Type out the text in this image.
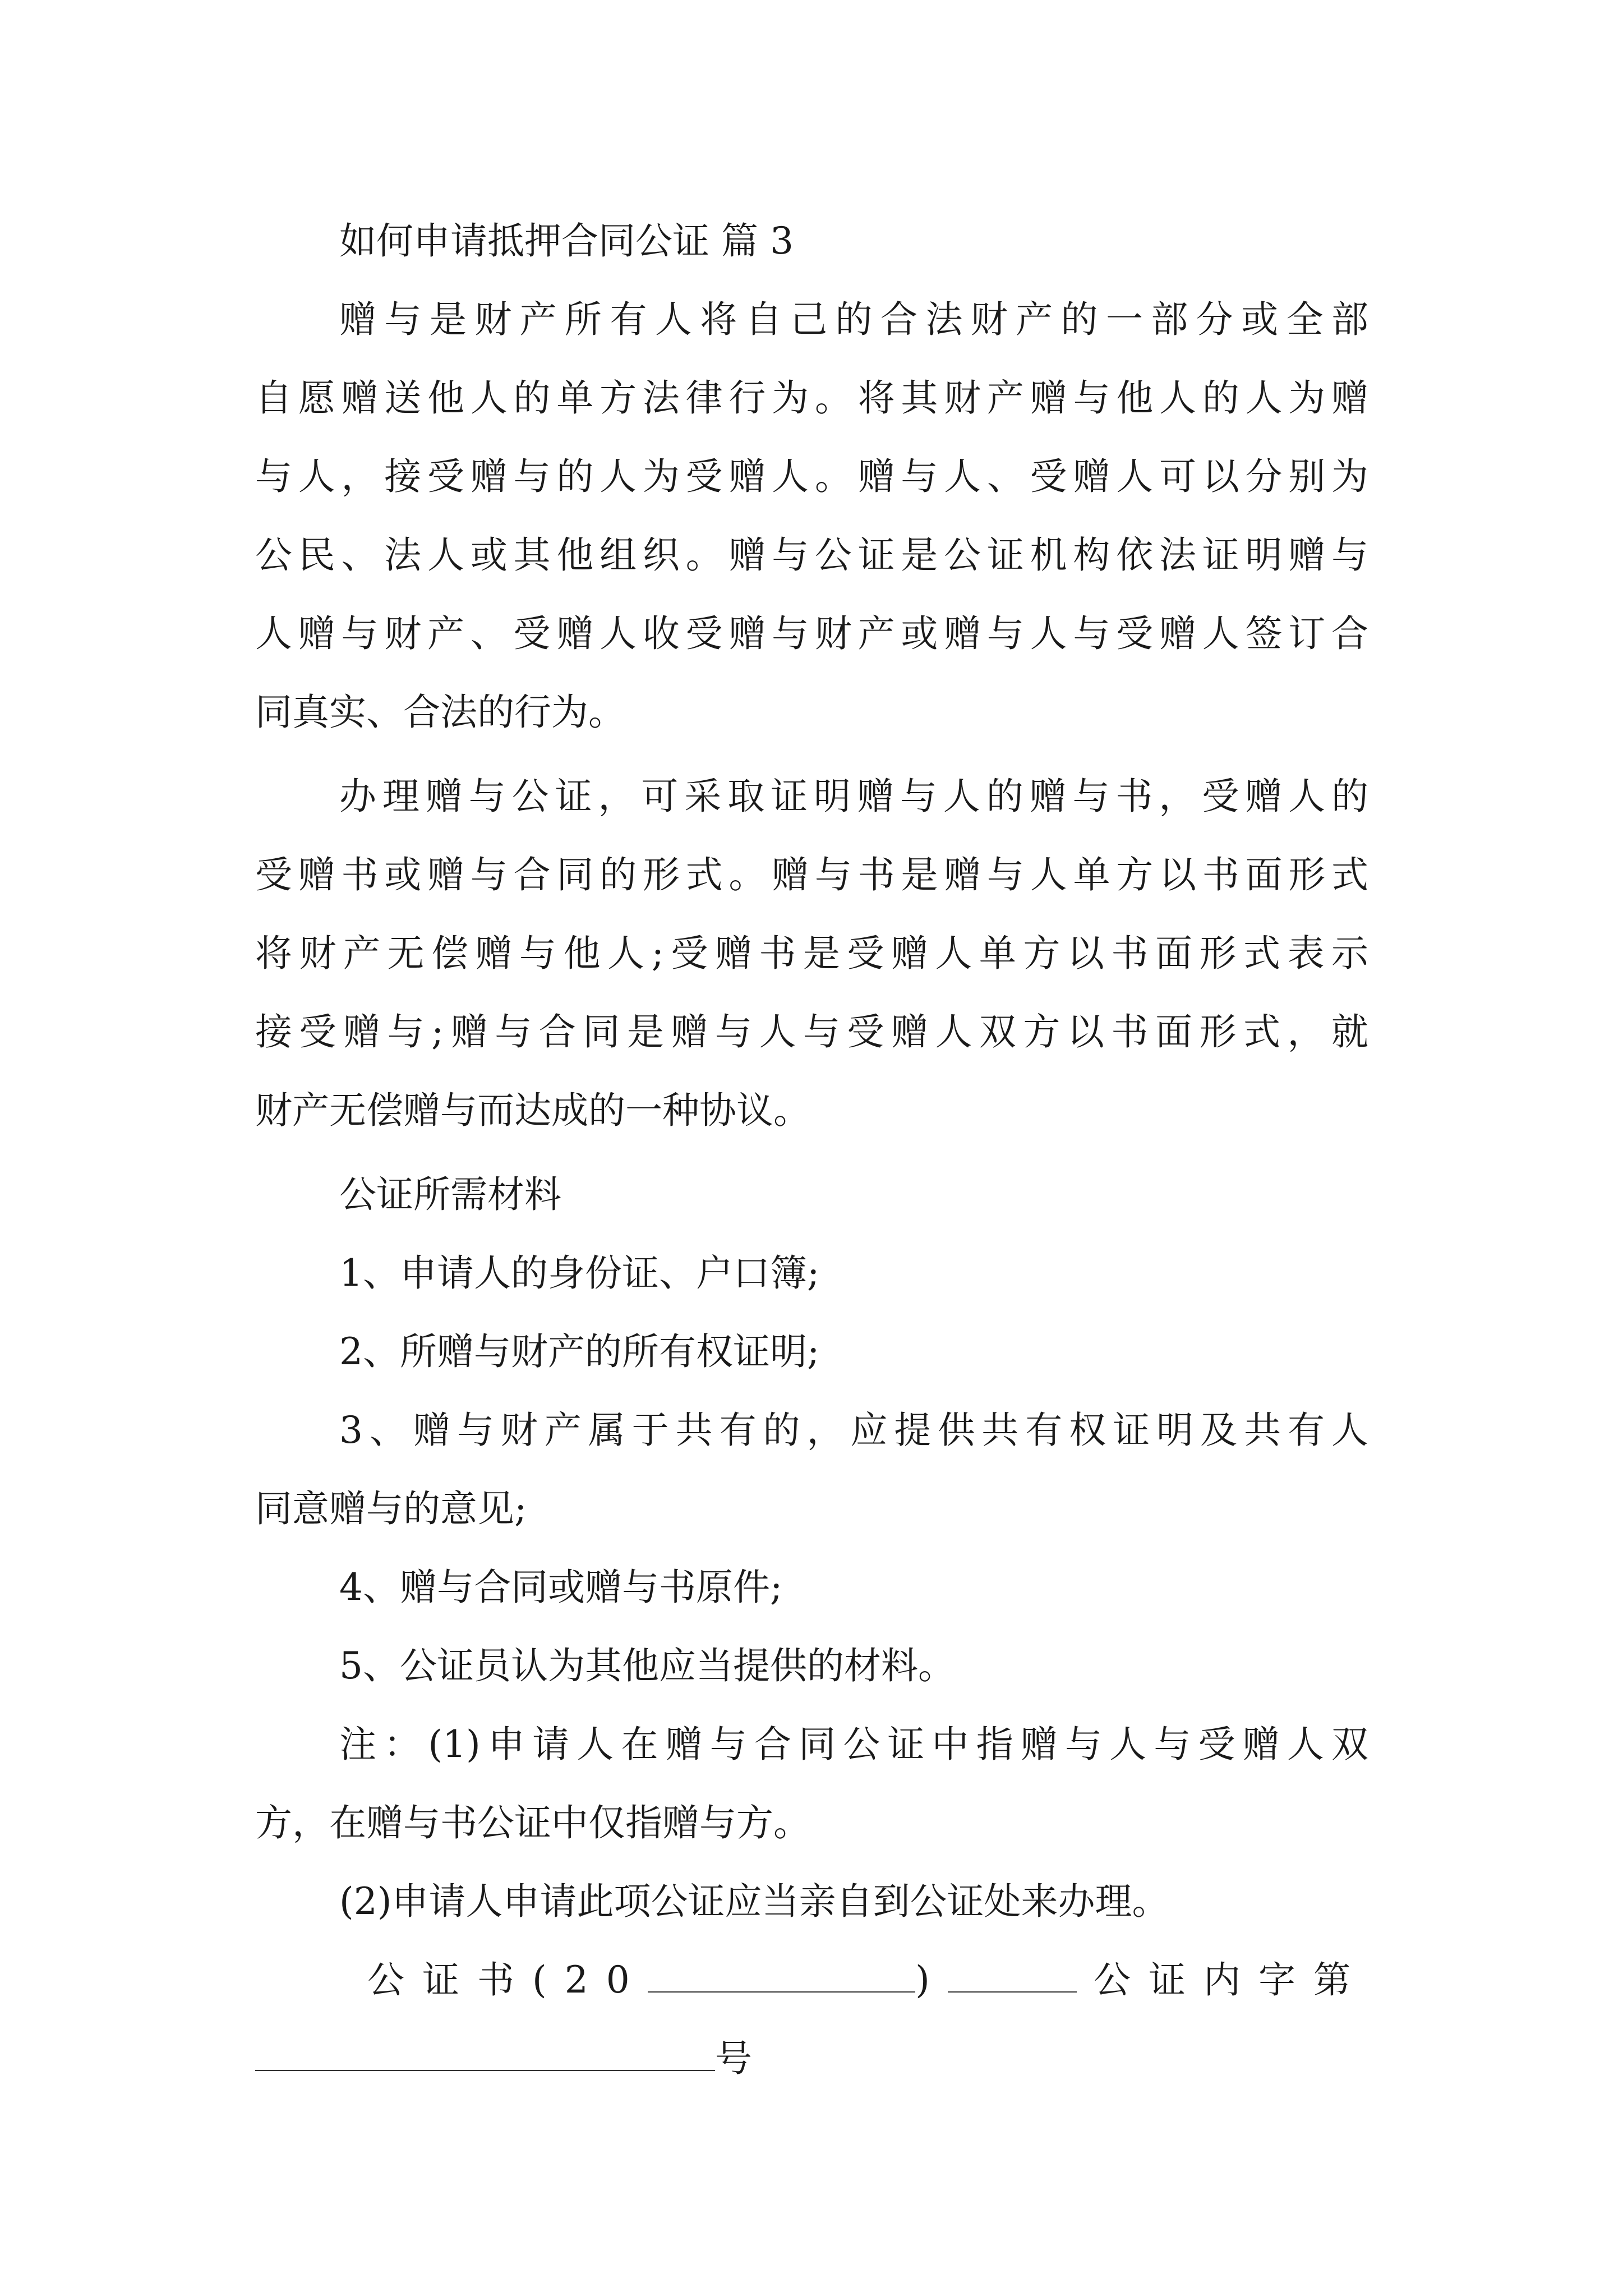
如何申请抵押合同公证 篇 3
赠与是财产所有人将自己的合法财产的一部分或全部
自愿赠送他人的单方法律行为。将其财产赠与他人的人为赠
与人，接受赠与的人为受赠人。赠与人、受赠人可以分别为
公民、法人或其他组织。赠与公证是公证机构依法证明赠与
人赠与财产、受赠人收受赠与财产或赠与人与受赠人签订合
同真实、合法的行为。
办理赠与公证，可采取证明赠与人的赠与书，受赠人的
受赠书或赠与合同的形式。赠与书是赠与人单方以书面形式
将财产无偿赠与他人;受赠书是受赠人单方以书面形式表示
接受赠与;赠与合同是赠与人与受赠人双方以书面形式，就
财产无偿赠与而达成的一种协议。
公证所需材料
1、申请人的身份证、户口簿;
2、所赠与财产的所有权证明;
3、赠与财产属于共有的，应提供共有权证明及共有人
同意赠与的意见;
4、赠与合同或赠与书原件;
5、公证员认为其他应当提供的材料。
注：(1)申请人在赠与合同公证中指赠与人与受赠人双
方，在赠与书公证中仅指赠与方。
(2)申请人申请此项公证应当亲自到公证处来办理。
公证书(20	)	公证内字第
号
